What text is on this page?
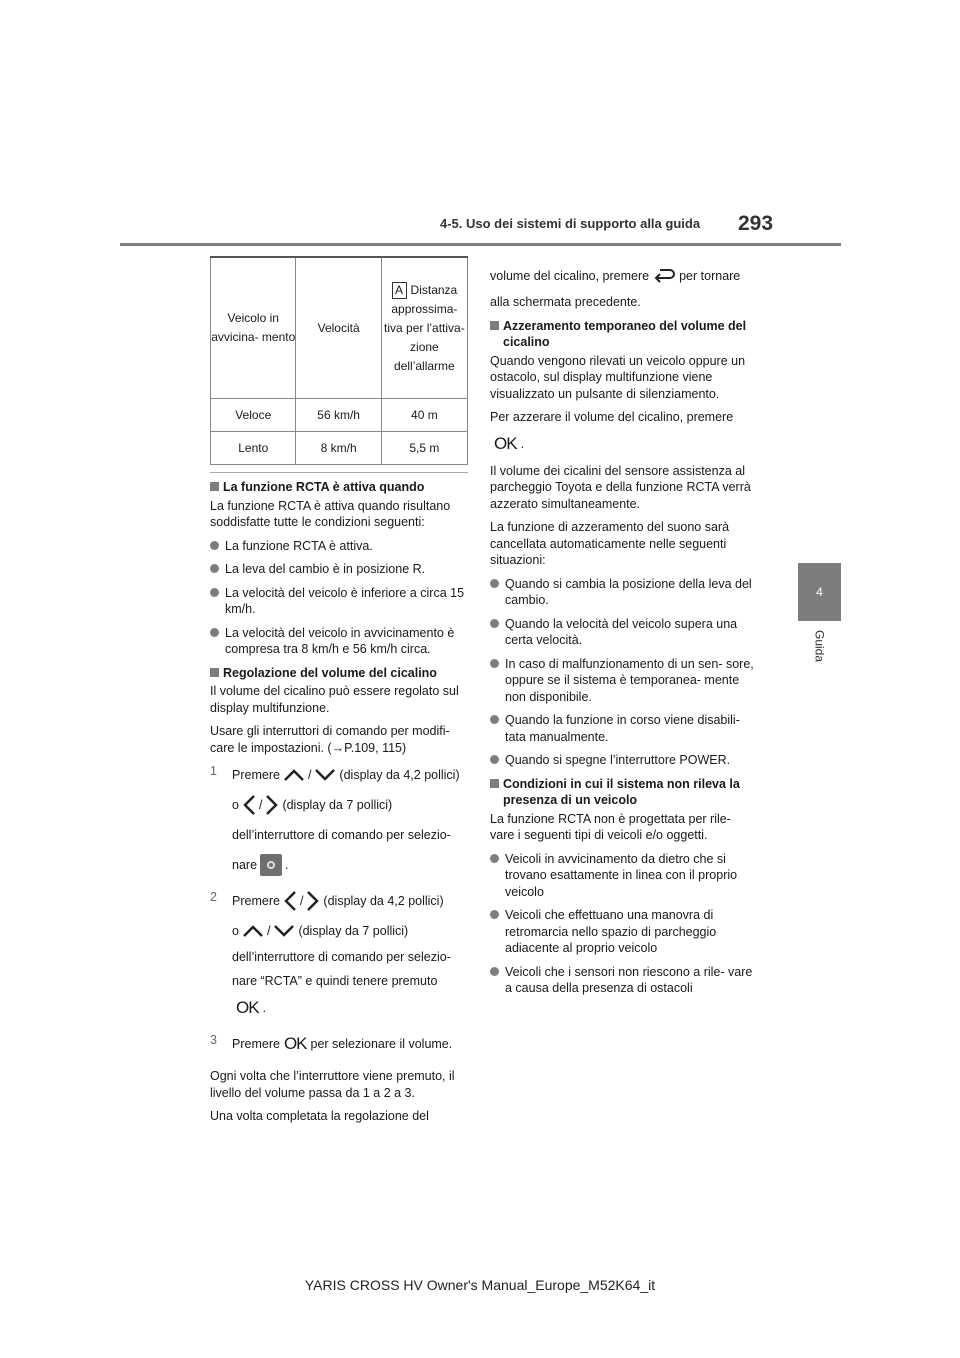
4-5. Uso dei sistemi di supporto alla guida 293
4
Guida
Veicolo in avvicina- mento	Velocità	A Distanza approssima- tiva per l’attiva- zione dell’allarme
Veloce	56 km/h	40 m
Lento	8 km/h	5,5 m
La funzione RCTA è attiva quando
La funzione RCTA è attiva quando risultano soddisfatte tutte le condizioni seguenti:
La funzione RCTA è attiva.
La leva del cambio è in posizione R.
La velocità del veicolo è inferiore a circa 15 km/h.
La velocità del veicolo in avvicinamento è compresa tra 8 km/h e 56 km/h circa.
Regolazione del volume del cicalino
Il volume del cicalino può essere regolato sul display multifunzione.
Usare gli interruttori di comando per modifi- care le impostazioni. (→P.109, 115)
1	Premere / (display da 4,2 pollici)
o / (display da 7 pollici)
dell’interruttore di comando per selezio-
nare .
2	Premere / (display da 4,2 pollici)
o / (display da 7 pollici)
dell’interruttore di comando per selezio-
nare “RCTA” e quindi tenere premuto
OK .
3	Premere OK per selezionare il volume.
Ogni volta che l’interruttore viene premuto, il livello del volume passa da 1 a 2 a 3.
Una volta completata la regolazione del
volume del cicalino, premere per tornare
alla schermata precedente.
Azzeramento temporaneo del volume del cicalino
Quando vengono rilevati un veicolo oppure un ostacolo, sul display multifunzione viene visualizzato un pulsante di silenziamento.
Per azzerare il volume del cicalino, premere
OK .
Il volume dei cicalini del sensore assistenza al parcheggio Toyota e della funzione RCTA verrà azzerato simultaneamente.
La funzione di azzeramento del suono sarà cancellata automaticamente nelle seguenti situazioni:
Quando si cambia la posizione della leva del cambio.
Quando la velocità del veicolo supera una certa velocità.
In caso di malfunzionamento di un sen- sore, oppure se il sistema è temporanea- mente non disponibile.
Quando la funzione in corso viene disabili- tata manualmente.
Quando si spegne l’interruttore POWER.
Condizioni in cui il sistema non rileva la presenza di un veicolo
La funzione RCTA non è progettata per rile- vare i seguenti tipi di veicoli e/o oggetti.
Veicoli in avvicinamento da dietro che si trovano esattamente in linea con il proprio veicolo
Veicoli che effettuano una manovra di retromarcia nello spazio di parcheggio adiacente al proprio veicolo
Veicoli che i sensori non riescono a rile- vare a causa della presenza di ostacoli
YARIS CROSS HV Owner's Manual_Europe_M52K64_it
